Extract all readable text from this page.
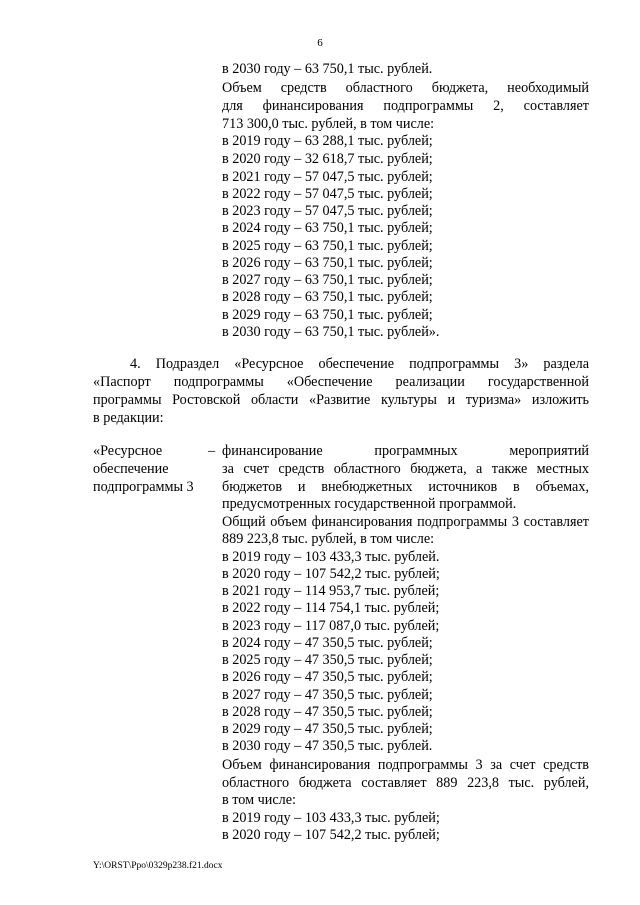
6
в 2030 году – 63 750,1 тыс. рублей.
Объем средств областного бюджета, необходимый
для финансирования подпрограммы 2, составляет
713 300,0 тыс. рублей, в том числе:
в 2019 году – 63 288,1 тыс. рублей;
в 2020 году – 32 618,7 тыс. рублей;
в 2021 году – 57 047,5 тыс. рублей;
в 2022 году – 57 047,5 тыс. рублей;
в 2023 году – 57 047,5 тыс. рублей;
в 2024 году – 63 750,1 тыс. рублей;
в 2025 году – 63 750,1 тыс. рублей;
в 2026 году – 63 750,1 тыс. рублей;
в 2027 году – 63 750,1 тыс. рублей;
в 2028 году – 63 750,1 тыс. рублей;
в 2029 году – 63 750,1 тыс. рублей;
в 2030 году – 63 750,1 тыс. рублей».
4. Подраздел «Ресурсное обеспечение подпрограммы 3» раздела
«Паспорт подпрограммы «Обеспечение реализации государственной
программы Ростовской области «Развитие культуры и туризма» изложить
в редакции:
«Ресурсное
обеспечение
подпрограммы 3
– финансирование программных мероприятий
за счет средств областного бюджета, а также местных
бюджетов и внебюджетных источников в объемах,
предусмотренных государственной программой.
Общий объем финансирования подпрограммы 3 составляет
889 223,8 тыс. рублей, в том числе:
в 2019 году – 103 433,3 тыс. рублей.
в 2020 году – 107 542,2 тыс. рублей;
в 2021 году – 114 953,7 тыс. рублей;
в 2022 году – 114 754,1 тыс. рублей;
в 2023 году – 117 087,0 тыс. рублей;
в 2024 году – 47 350,5 тыс. рублей;
в 2025 году – 47 350,5 тыс. рублей;
в 2026 году – 47 350,5 тыс. рублей;
в 2027 году – 47 350,5 тыс. рублей;
в 2028 году – 47 350,5 тыс. рублей;
в 2029 году – 47 350,5 тыс. рублей;
в 2030 году – 47 350,5 тыс. рублей.
Объем финансирования подпрограммы 3 за счет средств
областного бюджета составляет 889 223,8 тыс. рублей,
в том числе:
в 2019 году – 103 433,3 тыс. рублей;
в 2020 году – 107 542,2 тыс. рублей;
Y:\ORST\Ppo\0329p238.f21.docx
